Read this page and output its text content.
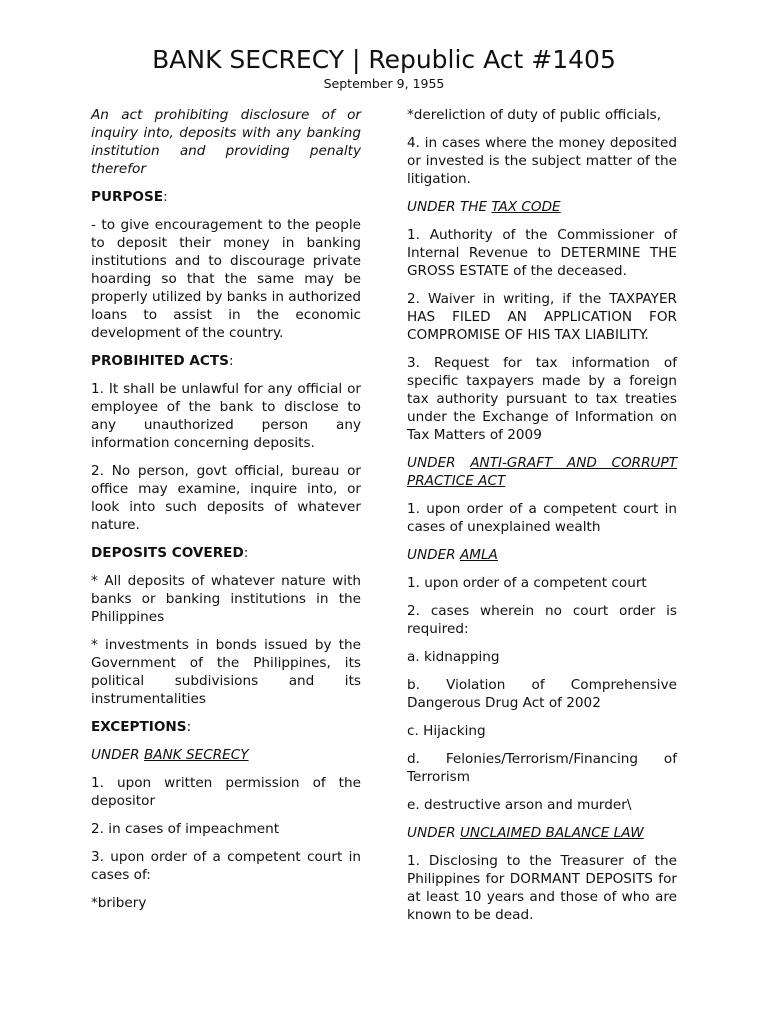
BANK SECRECY | Republic Act #1405
September 9, 1955

An act prohibiting disclosure of or inquiry into, deposits with any banking institution and providing penalty therefor

PURPOSE:

- to give encouragement to the people to deposit their money in banking institutions and to discourage private hoarding so that the same may be properly utilized by banks in authorized loans to assist in the economic development of the country.

PROBIHITED ACTS:

1. It shall be unlawful for any official or employee of the bank to disclose to any unauthorized person any information concerning deposits.

2. No person, govt official, bureau or office may examine, inquire into, or look into such deposits of whatever nature.

DEPOSITS COVERED:

* All deposits of whatever nature with banks or banking institutions in the Philippines

* investments in bonds issued by the Government of the Philippines, its political subdivisions and its instrumentalities

EXCEPTIONS:

UNDER BANK SECRECY

1. upon written permission of the depositor

2. in cases of impeachment

3. upon order of a competent court in cases of:

*bribery

*dereliction of duty of public officials,

4. in cases where the money deposited or invested is the subject matter of the litigation.

UNDER THE TAX CODE

1. Authority of the Commissioner of Internal Revenue to DETERMINE THE GROSS ESTATE of the deceased.

2. Waiver in writing, if the TAXPAYER HAS FILED AN APPLICATION FOR COMPROMISE OF HIS TAX LIABILITY.

3. Request for tax information of specific taxpayers made by a foreign tax authority pursuant to tax treaties under the Exchange of Information on Tax Matters of 2009

UNDER ANTI-GRAFT AND CORRUPT PRACTICE ACT

1. upon order of a competent court in cases of unexplained wealth

UNDER AMLA

1. upon order of a competent court

2. cases wherein no court order is required:

a. kidnapping

b. Violation of Comprehensive Dangerous Drug Act of 2002

c. Hijacking

d. Felonies/Terrorism/Financing of Terrorism

e. destructive arson and murder\

UNDER UNCLAIMED BALANCE LAW

1. Disclosing to the Treasurer of the Philippines for DORMANT DEPOSITS for at least 10 years and those of who are known to be dead.
